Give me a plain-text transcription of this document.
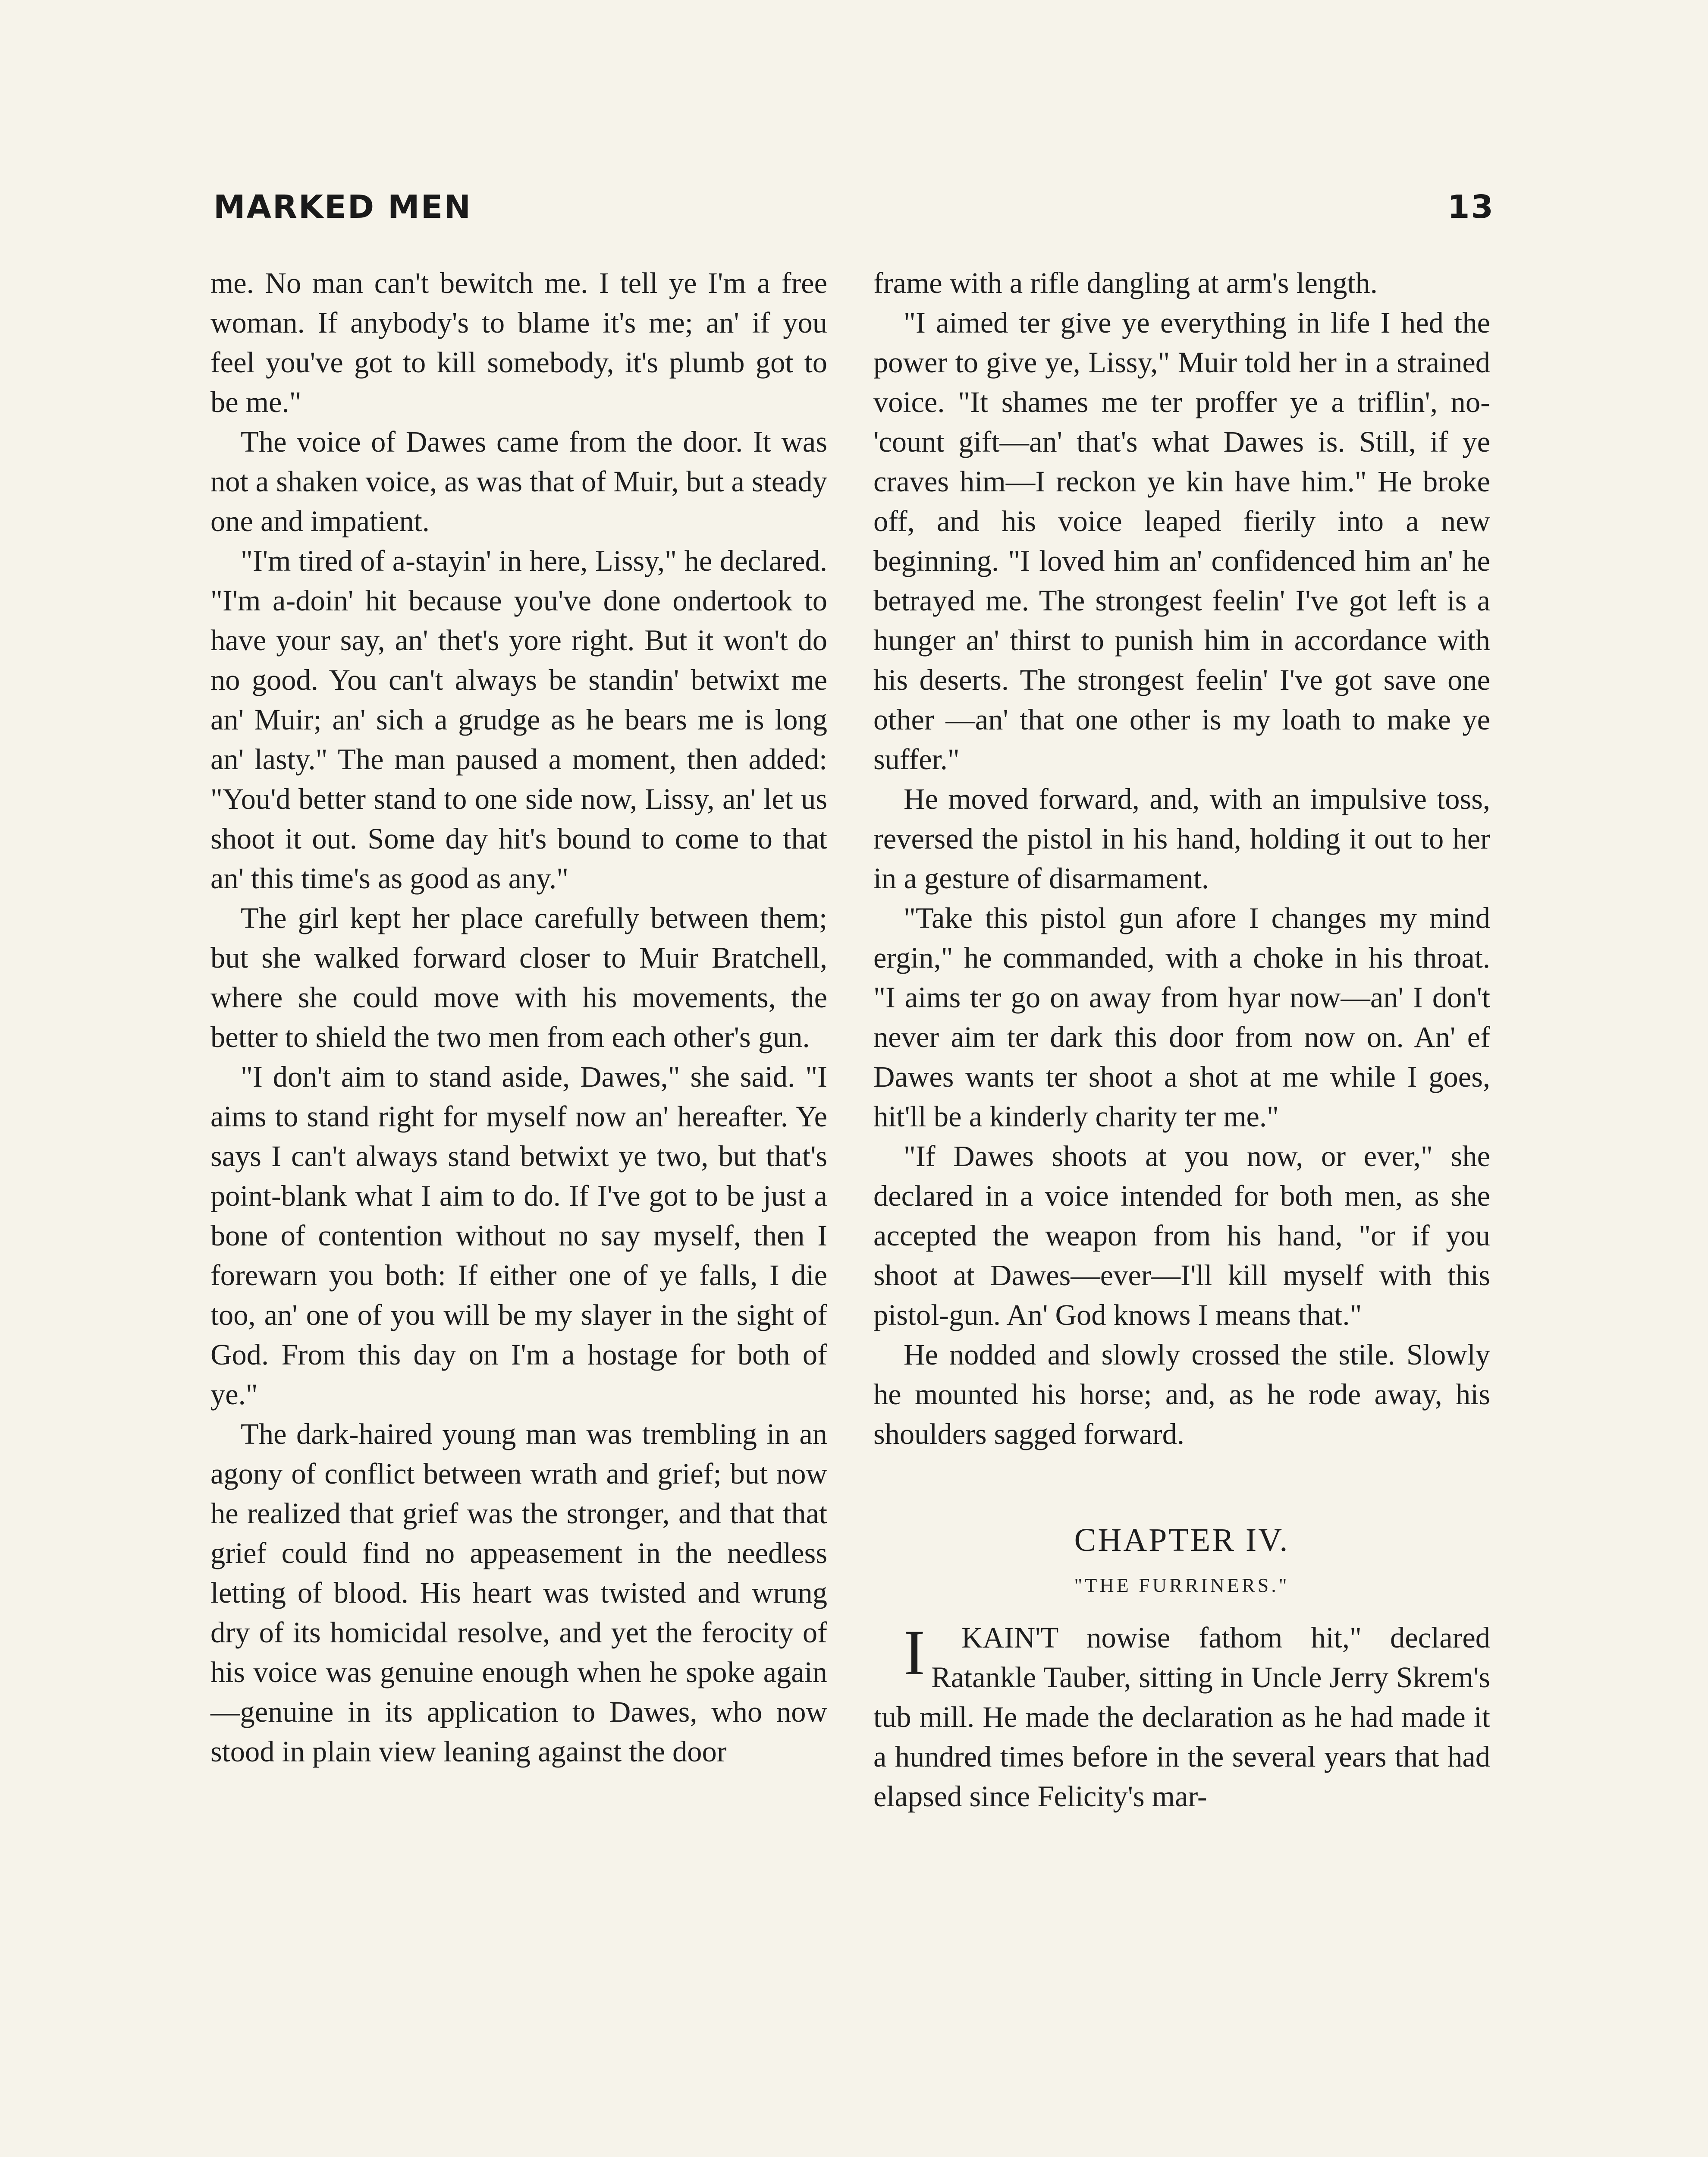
MARKED MEN	13

me. No man can't bewitch me. I tell ye I'm a free woman. If anybody's to blame it's me; an' if you feel you've got to kill somebody, it's plumb got to be me."

The voice of Dawes came from the door. It was not a shaken voice, as was that of Muir, but a steady one and impatient.

"I'm tired of a-stayin' in here, Lissy," he declared. "I'm a-doin' hit because you've done ondertook to have your say, an' thet's yore right. But it won't do no good. You can't always be standin' betwixt me an' Muir; an' sich a grudge as he bears me is long an' lasty." The man paused a moment, then added: "You'd better stand to one side now, Lissy, an' let us shoot it out. Some day hit's bound to come to that an' this time's as good as any."

The girl kept her place carefully between them; but she walked forward closer to Muir Bratchell, where she could move with his movements, the better to shield the two men from each other's gun.

"I don't aim to stand aside, Dawes," she said. "I aims to stand right for myself now an' hereafter. Ye says I can't always stand betwixt ye two, but that's point-blank what I aim to do. If I've got to be just a bone of contention without no say myself, then I forewarn you both: If either one of ye falls, I die too, an' one of you will be my slayer in the sight of God. From this day on I'm a hostage for both of ye."

The dark-haired young man was trembling in an agony of conflict between wrath and grief; but now he realized that grief was the stronger, and that that grief could find no appeasement in the needless letting of blood. His heart was twisted and wrung dry of its homicidal resolve, and yet the ferocity of his voice was genuine enough when he spoke again—genuine in its application to Dawes, who now stood in plain view leaning against the door

frame with a rifle dangling at arm's length.

"I aimed ter give ye everything in life I hed the power to give ye, Lissy," Muir told her in a strained voice. "It shames me ter proffer ye a triflin', no-'count gift—an' that's what Dawes is. Still, if ye craves him—I reckon ye kin have him." He broke off, and his voice leaped fierily into a new beginning. "I loved him an' confidenced him an' he betrayed me. The strongest feelin' I've got left is a hunger an' thirst to punish him in accordance with his deserts. The strongest feelin' I've got save one other —an' that one other is my loath to make ye suffer."

He moved forward, and, with an impulsive toss, reversed the pistol in his hand, holding it out to her in a gesture of disarmament.

"Take this pistol gun afore I changes my mind ergin," he commanded, with a choke in his throat. "I aims ter go on away from hyar now—an' I don't never aim ter dark this door from now on. An' ef Dawes wants ter shoot a shot at me while I goes, hit'll be a kinderly charity ter me."

"If Dawes shoots at you now, or ever," she declared in a voice intended for both men, as she accepted the weapon from his hand, "or if you shoot at Dawes—ever—I'll kill myself with this pistol-gun. An' God knows I means that."

He nodded and slowly crossed the stile. Slowly he mounted his horse; and, as he rode away, his shoulders sagged forward.

CHAPTER IV.
"THE FURRINERS."

I KAIN'T nowise fathom hit," declared Ratankle Tauber, sitting in Uncle Jerry Skrem's tub mill. He made the declaration as he had made it a hundred times before in the several years that had elapsed since Felicity's mar-
